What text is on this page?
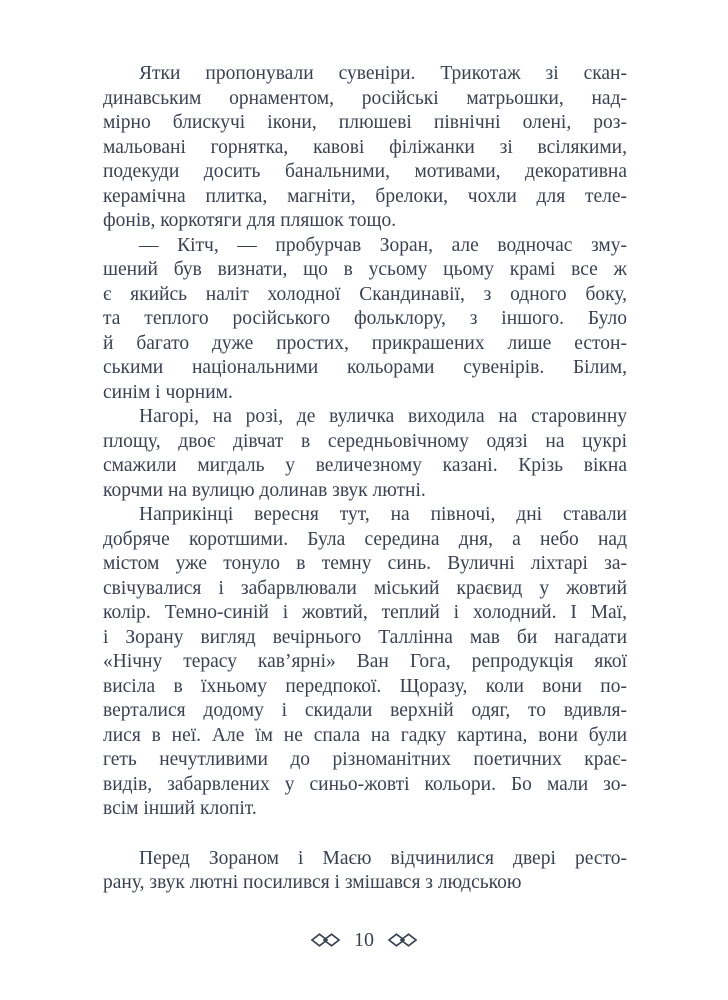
Ятки пропонували сувеніри. Трикотаж зі скан-
динавським орнаментом, російські матрьошки, над-
мірно блискучі ікони, плюшеві північні олені, роз-
мальовані горнятка, кавові філіжанки зі всілякими,
подекуди досить банальними, мотивами, декоративна
керамічна плитка, магніти, брелоки, чохли для теле-
фонів, коркотяги для пляшок тощо.
— Кітч, — пробурчав Зоран, але водночас зму-
шений був визнати, що в усьому цьому крамі все ж
є якийсь наліт холодної Скандинавії, з одного боку,
та теплого російського фольклору, з іншого. Було
й багато дуже простих, прикрашених лише естон-
ськими національними кольорами сувенірів. Білим,
синім і чорним.
Нагорі, на розі, де вуличка виходила на старовинну
площу, двоє дівчат в середньовічному одязі на цукрі
смажили мигдаль у величезному казані. Крізь вікна
корчми на вулицю долинав звук лютні.
Наприкінці вересня тут, на півночі, дні ставали
добряче коротшими. Була середина дня, а небо над
містом уже тонуло в темну синь. Вуличні ліхтарі за-
свічувалися і забарвлювали міський краєвид у жовтий
колір. Темно-синій і жовтий, теплий і холодний. І Маї,
і Зорану вигляд вечірнього Таллінна мав би нагадати
«Нічну терасу кав’ярні» Ван Гога, репродукція якої
висіла в їхньому передпокої. Щоразу, коли вони по-
верталися додому і скидали верхній одяг, то вдивля-
лися в неї. Але їм не спала на гадку картина, вони були
геть нечутливими до різноманітних поетичних крає-
видів, забарвлених у синьо-жовті кольори. Бо мали зо-
всім інший клопіт.
Перед Зораном і Маєю відчинилися двері ресто-
рану, звук лютні посилився і змішався з людською
10
